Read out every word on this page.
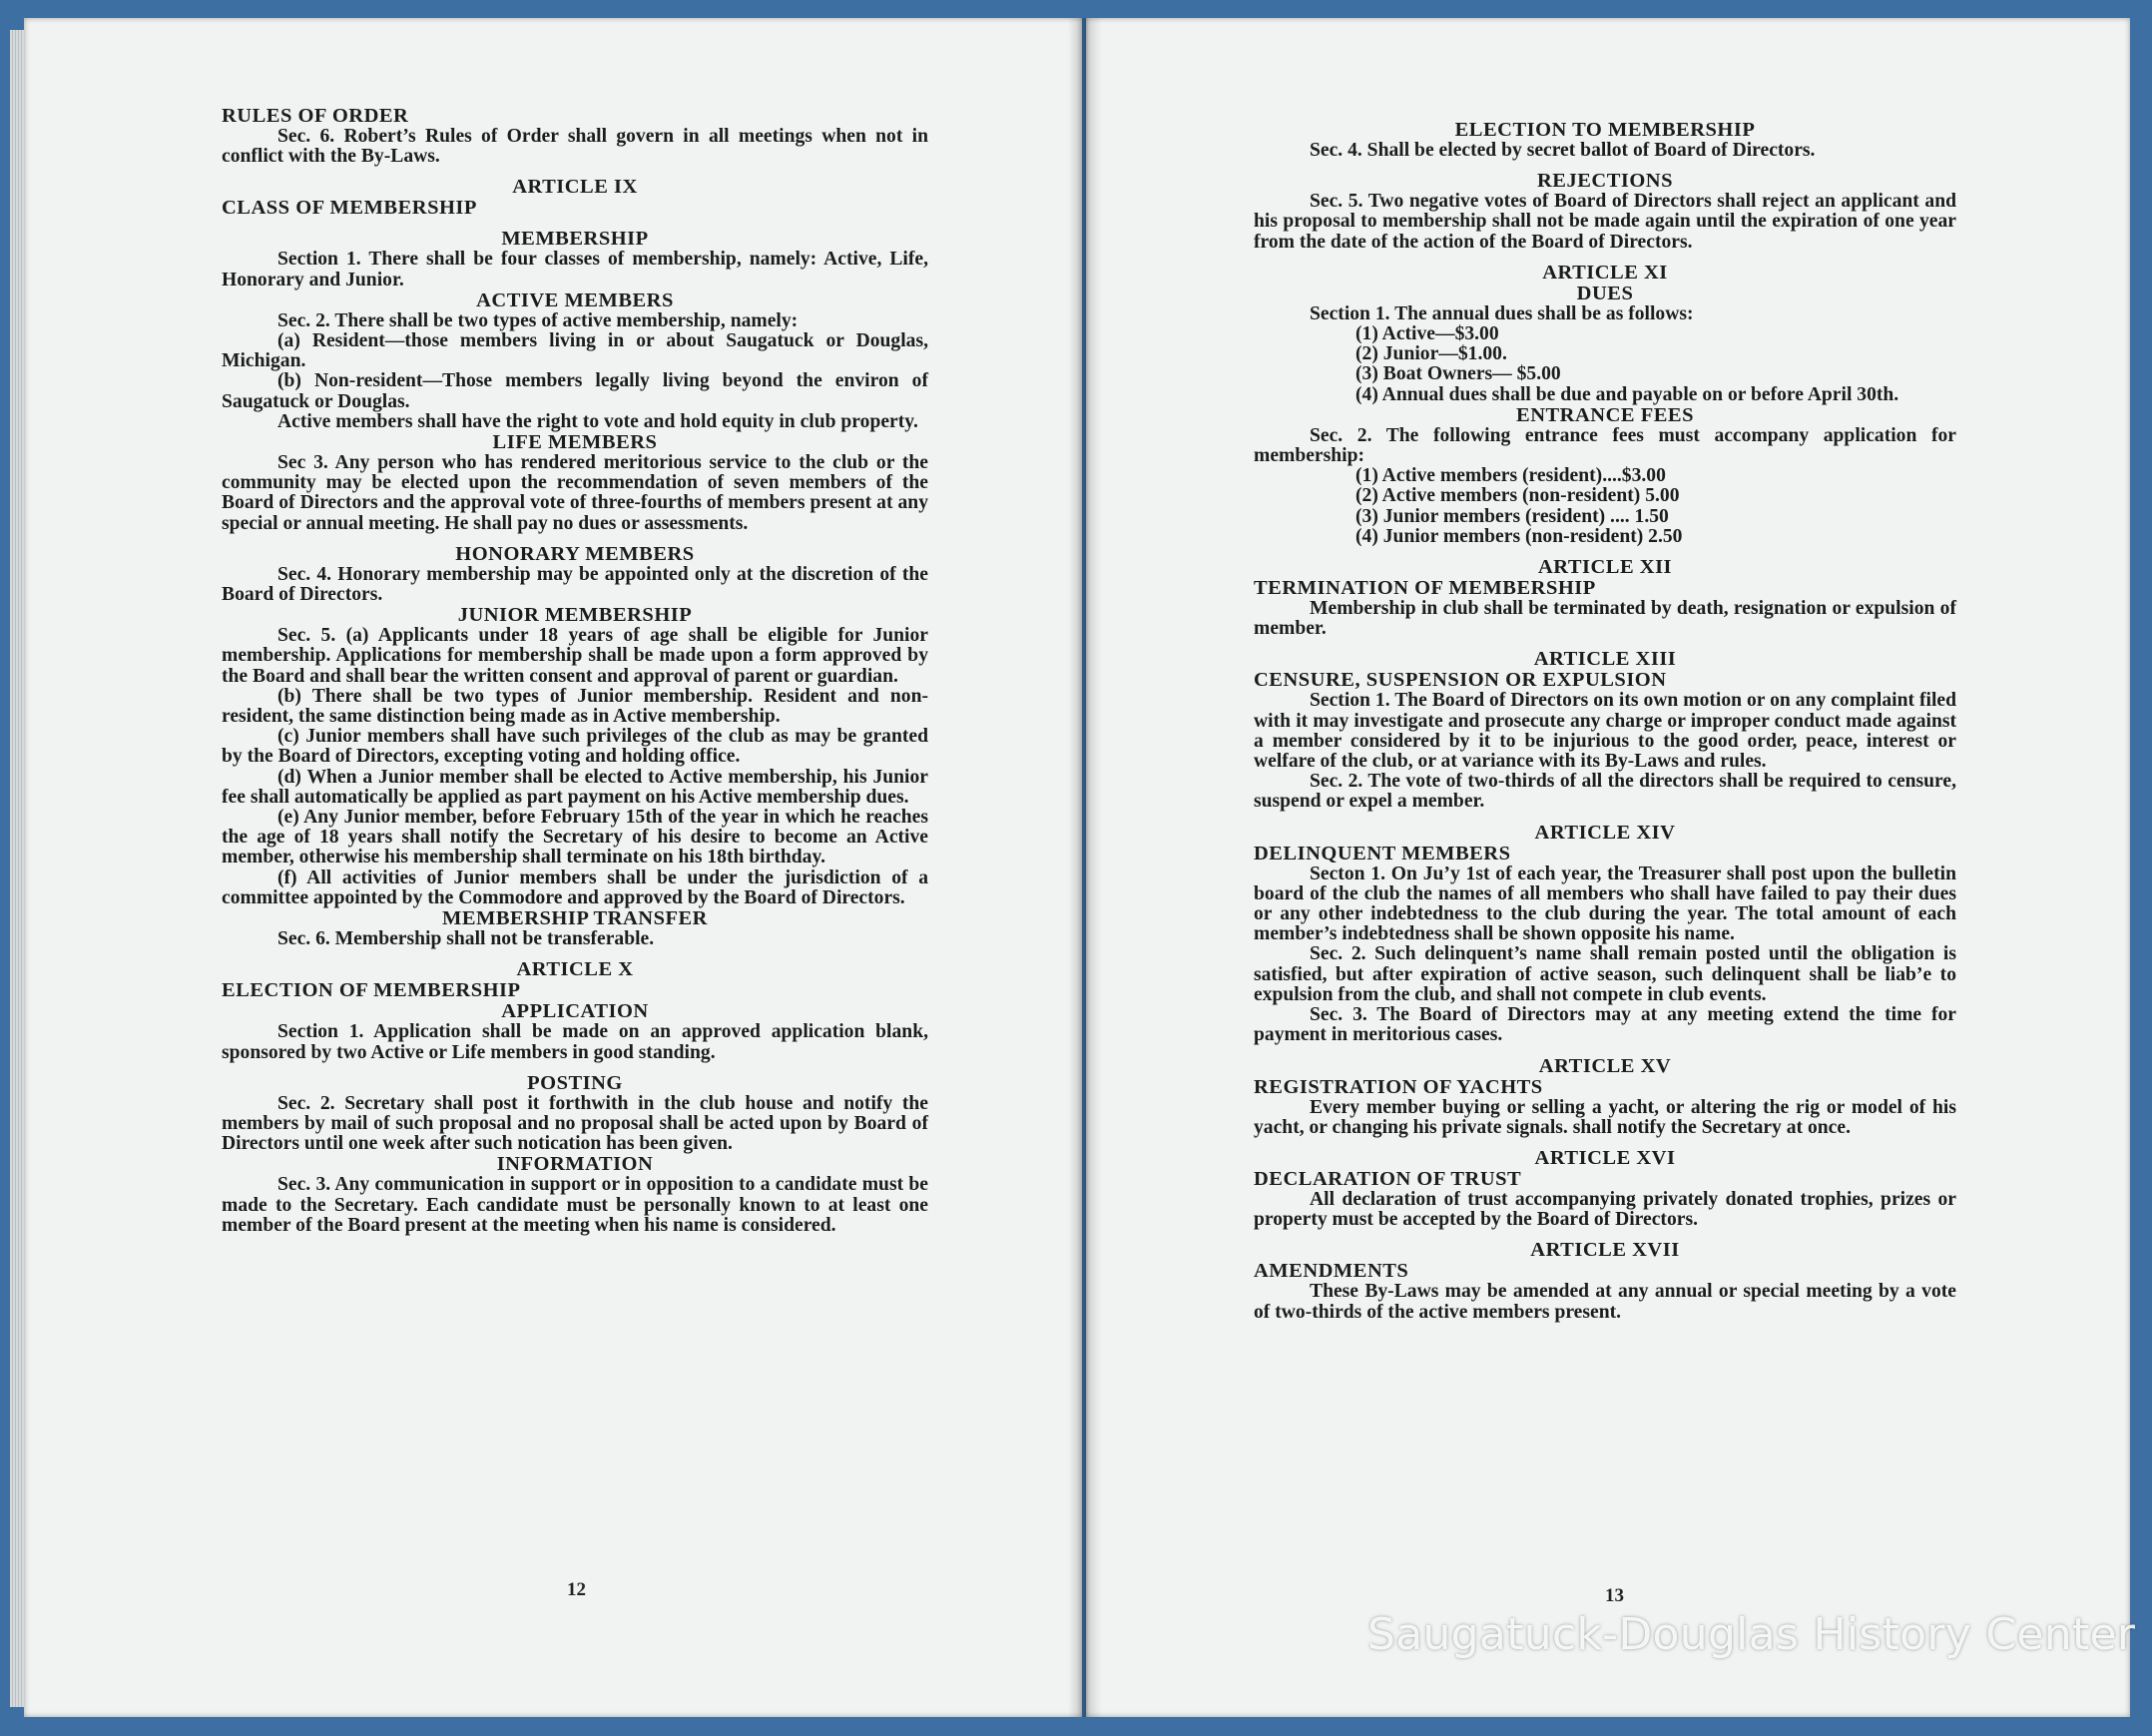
RULES OF ORDER

Sec. 6. Robert’s Rules of Order shall govern in all meetings when not in conflict with the By-Laws.

ARTICLE IX
CLASS OF MEMBERSHIP
MEMBERSHIP

Section 1. There shall be four classes of membership, namely: Active, Life, Honorary and Junior.

ACTIVE MEMBERS

Sec. 2. There shall be two types of active membership, namely:

(a) Resident—those members living in or about Saugatuck or Douglas, Michigan.

(b) Non-resident—Those members legally living beyond the environ of Saugatuck or Douglas.

Active members shall have the right to vote and hold equity in club property.

LIFE MEMBERS

Sec 3. Any person who has rendered meritorious service to the club or the community may be elected upon the recommendation of seven members of the Board of Directors and the approval vote of three-fourths of members present at any special or annual meeting. He shall pay no dues or assessments.

HONORARY MEMBERS

Sec. 4. Honorary membership may be appointed only at the discretion of the Board of Directors.

JUNIOR MEMBERSHIP

Sec. 5. (a) Applicants under 18 years of age shall be eligible for Junior membership. Applications for membership shall be made upon a form approved by the Board and shall bear the written consent and approval of parent or guardian.

(b) There shall be two types of Junior membership. Resident and non-resident, the same distinction being made as in Active membership.

(c) Junior members shall have such privileges of the club as may be granted by the Board of Directors, excepting voting and holding office.

(d) When a Junior member shall be elected to Active membership, his Junior fee shall automatically be applied as part payment on his Active membership dues.

(e) Any Junior member, before February 15th of the year in which he reaches the age of 18 years shall notify the Secretary of his desire to become an Active member, otherwise his membership shall terminate on his 18th birthday.

(f) All activities of Junior members shall be under the jurisdiction of a committee appointed by the Commodore and approved by the Board of Directors.

MEMBERSHIP TRANSFER

Sec. 6. Membership shall not be transferable.

ARTICLE X
ELECTION OF MEMBERSHIP
APPLICATION

Section 1. Application shall be made on an approved application blank, sponsored by two Active or Life members in good standing.

POSTING

Sec. 2. Secretary shall post it forthwith in the club house and notify the members by mail of such proposal and no proposal shall be acted upon by Board of Directors until one week after such notication has been given.

INFORMATION

Sec. 3. Any communication in support or in opposition to a candidate must be made to the Secretary. Each candidate must be personally known to at least one member of the Board present at the meeting when his name is considered.

ELECTION TO MEMBERSHIP

Sec. 4. Shall be elected by secret ballot of Board of Directors.

REJECTIONS

Sec. 5. Two negative votes of Board of Directors shall reject an applicant and his proposal to membership shall not be made again until the expiration of one year from the date of the action of the Board of Directors.

ARTICLE XI
DUES

Section 1. The annual dues shall be as follows:

(1) Active—$3.00

(2) Junior—$1.00.

(3) Boat Owners— $5.00

(4) Annual dues shall be due and payable on or before April 30th.

ENTRANCE FEES

Sec. 2. The following entrance fees must accompany application for membership:

(1) Active members (resident)....$3.00

(2) Active members (non-resident) 5.00

(3) Junior members (resident) .... 1.50

(4) Junior members (non-resident) 2.50

ARTICLE XII
TERMINATION OF MEMBERSHIP

Membership in club shall be terminated by death, resignation or expulsion of member.

ARTICLE XIII
CENSURE, SUSPENSION OR EXPULSION

Section 1. The Board of Directors on its own motion or on any complaint filed with it may investigate and prosecute any charge or improper conduct made against a member considered by it to be injurious to the good order, peace, interest or welfare of the club, or at variance with its By-Laws and rules.

Sec. 2. The vote of two-thirds of all the directors shall be required to censure, suspend or expel a member.

ARTICLE XIV
DELINQUENT MEMBERS

Secton 1. On Ju’y 1st of each year, the Treasurer shall post upon the bulletin board of the club the names of all members who shall have failed to pay their dues or any other indebtedness to the club during the year. The total amount of each member’s indebtedness shall be shown opposite his name.

Sec. 2. Such delinquent’s name shall remain posted until the obligation is satisfied, but after expiration of active season, such delinquent shall be liab’e to expulsion from the club, and shall not compete in club events.

Sec. 3. The Board of Directors may at any meeting extend the time for payment in meritorious cases.

ARTICLE XV
REGISTRATION OF YACHTS

Every member buying or selling a yacht, or altering the rig or model of his yacht, or changing his private signals. shall notify the Secretary at once.

ARTICLE XVI
DECLARATION OF TRUST

All declaration of trust accompanying privately donated trophies, prizes or property must be accepted by the Board of Directors.

ARTICLE XVII
AMENDMENTS

These By-Laws may be amended at any annual or special meeting by a vote of two-thirds of the active members present.

12	13
Saugatuck-Douglas History Center
